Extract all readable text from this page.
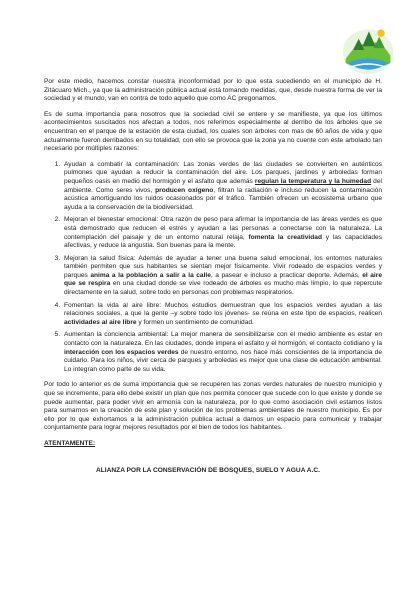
Por este medio, hacemos constar nuestra inconformidad por lo que esta sucediendo en el municipio de H. Zitácuaro Mich., ya que la administración pública actual está tomando medidas, que, desde nuestra forma de ver la sociedad y el mundo, van en contra de todo aquello que como AC pregonamos.

Es de suma importancia para nosotros que la sociedad civil se entere y se manifieste, ya que los últimos acontecimientos suscitados nos afectan a todos, nos referimos especialmente al derribo de los árboles que se encuentran en el parque de la estación de esta ciudad, los cuales son árboles con mas de 60 años de vida y que actualmente fueron derribados en su totalidad, con ello se provoca que la zona ya no cuente con este arbolado tan necesario por múltiples razones:

1. Ayudan a combatir la contaminación: Las zonas verdes de las ciudades se convierten en auténticos pulmones que ayudan a reducir la contaminación del aire. Los parques, jardines y arboledas forman pequeños oasis en medio del hormigón y el asfalto que además regulan la temperatura y la humedad del ambiente. Como seres vivos, producen oxígeno, filtran la radiación e incluso reducen la contaminación acústica amortiguando los ruidos ocasionados por el tráfico. También ofrecen un ecosistema urbano que ayuda a la conservación de la biodiversidad.
2. Mejoran el bienestar emocional: Otra razón de peso para afirmar la importancia de las áreas verdes es que está demostrado que reducen el estrés y ayudan a las personas a conectarse con la naturaleza. La contemplación del paisaje y de un entorno natural relaja, fomenta la creatividad y las capacidades afectivas, y reduce la angustia. Son buenas para la mente.
3. Mejoran la salud física: Además de ayudar a tener una buena salud emocional, los entornos naturales también permiten que sus habitantes se sientan mejor físicamente. Vivir rodeado de espacios verdes y parques anima a la población a salir a la calle, a pasear e incluso a practicar deporte. Además, el aire que se respira en una ciudad donde se vive rodeado de árboles es mucho más limpio, lo que repercute directamente en la salud, sobre todo en personas con problemas respiratorios.
4. Fomentan la vida al aire libre: Muchos estudios demuestran que los espacios verdes ayudan a las relaciones sociales, a que la gente –y sobre todo los jóvenes- se reúna en este tipo de espacios, realicen actividades al aire libre y formen un sentimiento de comunidad.
5. Aumentan la conciencia ambiental: La mejor manera de sensibilizarse con el medio ambiente es estar en contacto con la naturaleza. En las ciudades, donde impera el asfalto y el hormigón, el contacto cotidiano y la interacción con los espacios verdes de nuestro entorno, nos hace más conscientes de la importancia de cuidarlo. Para los niños, vivir cerca de parques y arboledas es mejor que una clase de educación ambiental. Lo integran como parte de su vida.

Por todo lo anterior es de suma importancia que se recuperen las zonas verdes naturales de nuestro municipio y que se incremente, para ello debe existir un plan que nos permita conocer que sucede con lo que existe y donde se puede aumentar, para poder vivir en armonía con la naturaleza, por lo que como asociación civil estamos listos para sumarnos en la creación de este plan y solución de los problemas ambientales de nuestro municipio. Es por ello por lo que exhortamos a la administración publica actual a darnos un espacio para comunicar y trabajar conjuntamente para lograr mejores resultados por el bien de todos los habitantes.

ATENTAMENTE:
ALIANZA POR LA CONSERVACIÓN DE BOSQUES, SUELO Y AGUA A.C.
